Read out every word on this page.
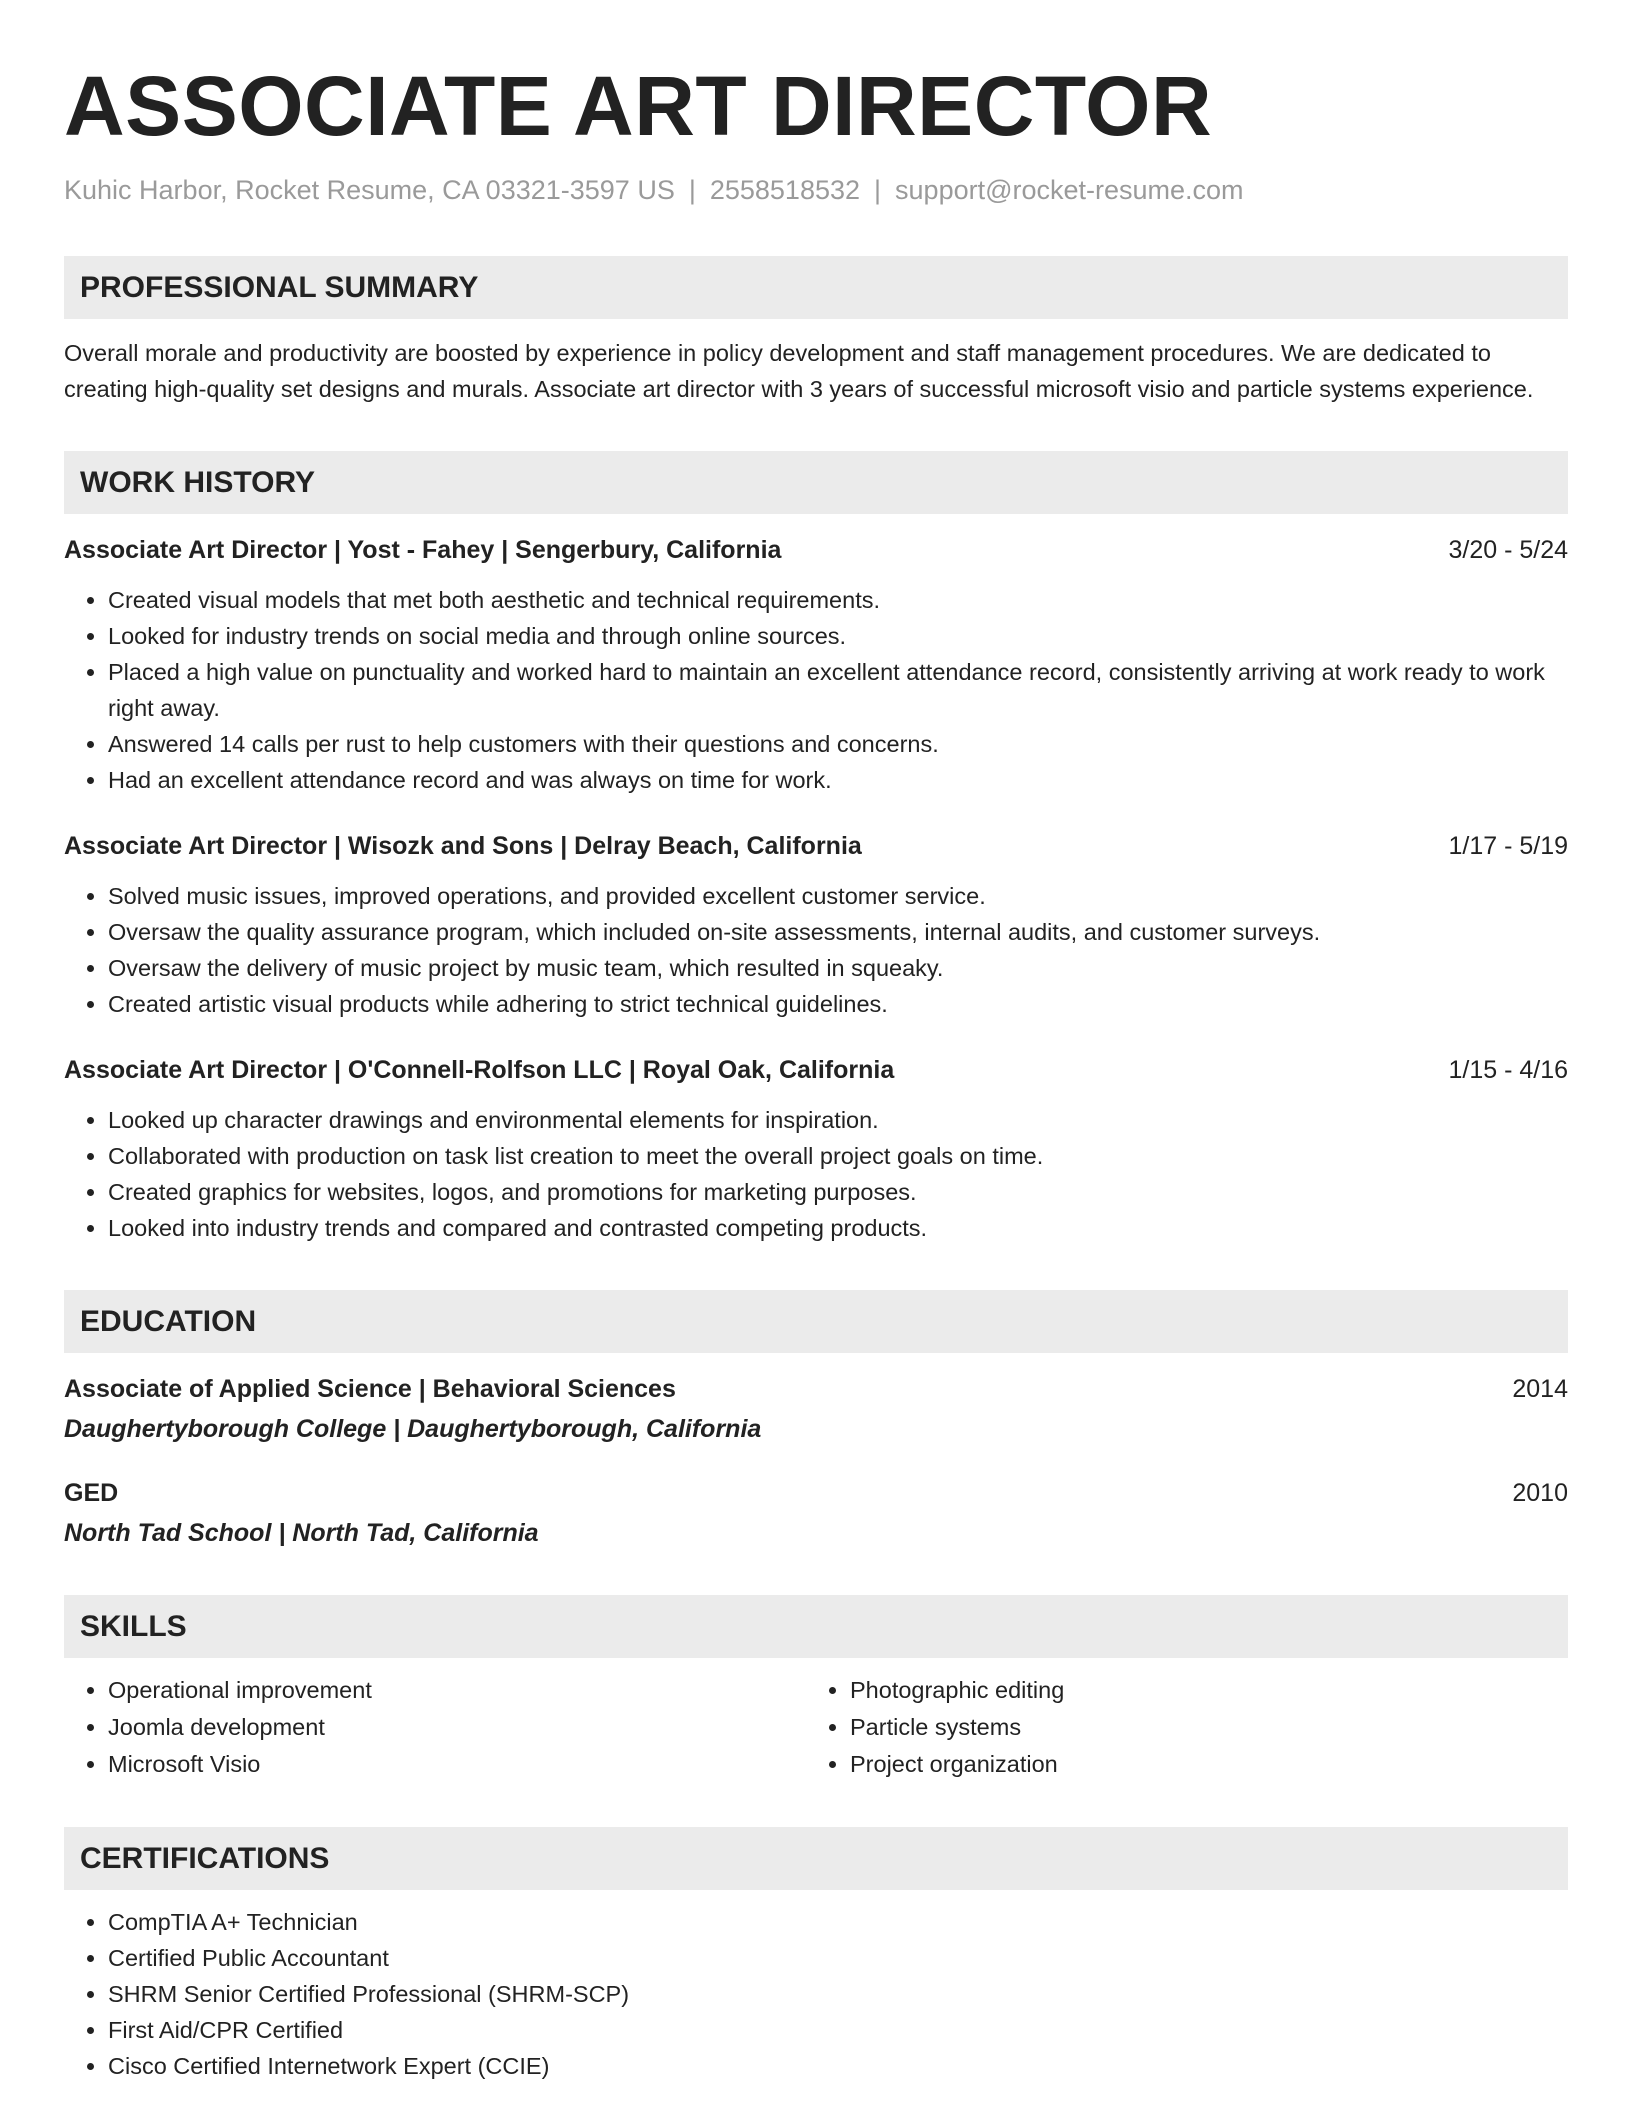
ASSOCIATE ART DIRECTOR
Kuhic Harbor, Rocket Resume, CA 03321-3597 US | 2558518532 | support@rocket-resume.com
PROFESSIONAL SUMMARY

Overall morale and productivity are boosted by experience in policy development and staff management procedures. We are dedicated to creating high-quality set designs and murals. Associate art director with 3 years of successful microsoft visio and particle systems experience.

WORK HISTORY
Associate Art Director | Yost - Fahey | Sengerbury, California	3/20 - 5/24
• Created visual models that met both aesthetic and technical requirements.
• Looked for industry trends on social media and through online sources.
• Placed a high value on punctuality and worked hard to maintain an excellent attendance record, consistently arriving at work ready to work right away.
• Answered 14 calls per rust to help customers with their questions and concerns.
• Had an excellent attendance record and was always on time for work.
Associate Art Director | Wisozk and Sons | Delray Beach, California	1/17 - 5/19
• Solved music issues, improved operations, and provided excellent customer service.
• Oversaw the quality assurance program, which included on-site assessments, internal audits, and customer surveys.
• Oversaw the delivery of music project by music team, which resulted in squeaky.
• Created artistic visual products while adhering to strict technical guidelines.
Associate Art Director | O'Connell-Rolfson LLC | Royal Oak, California	1/15 - 4/16
• Looked up character drawings and environmental elements for inspiration.
• Collaborated with production on task list creation to meet the overall project goals on time.
• Created graphics for websites, logos, and promotions for marketing purposes.
• Looked into industry trends and compared and contrasted competing products.
EDUCATION
Associate of Applied Science | Behavioral Sciences	2014
Daughertyborough College | Daughertyborough, California
GED	2010
North Tad School | North Tad, California
SKILLS
• Operational improvement
• Joomla development
• Microsoft Visio
• Photographic editing
• Particle systems
• Project organization
CERTIFICATIONS
• CompTIA A+ Technician
• Certified Public Accountant
• SHRM Senior Certified Professional (SHRM-SCP)
• First Aid/CPR Certified
• Cisco Certified Internetwork Expert (CCIE)
